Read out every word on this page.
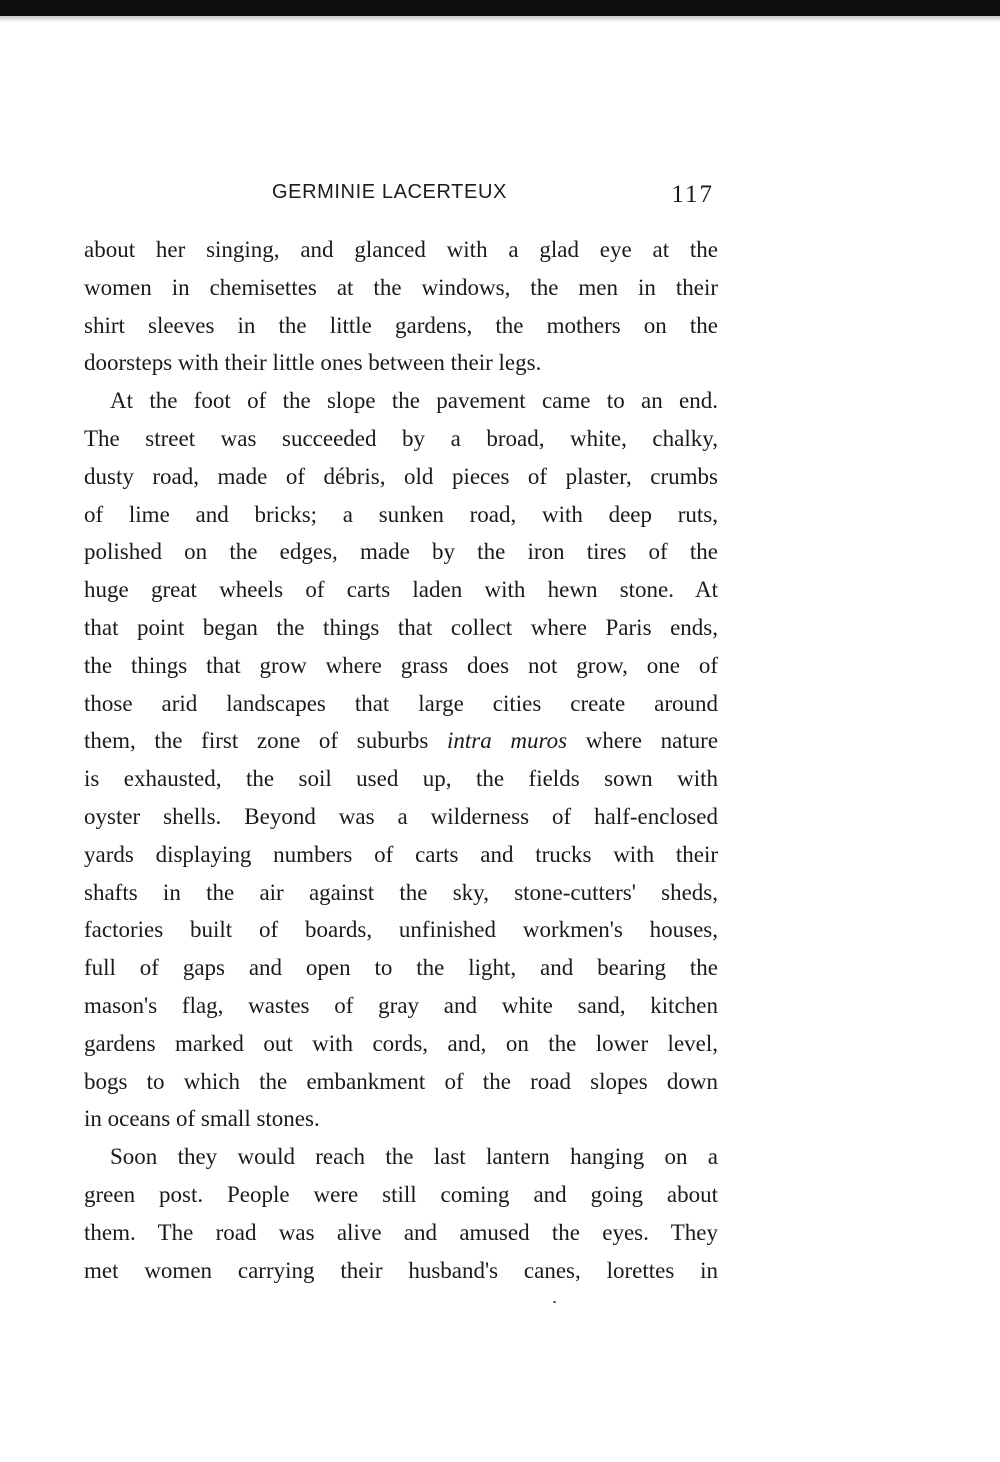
GERMINIE LACERTEUX	117
about her singing, and glanced with a glad eye at the
women in chemisettes at the windows, the men in their
shirt sleeves in the little gardens, the mothers on the
doorsteps with their little ones between their legs.
At the foot of the slope the pavement came to an end.
The street was succeeded by a broad, white, chalky,
dusty road, made of débris, old pieces of plaster, crumbs
of lime and bricks; a sunken road, with deep ruts,
polished on the edges, made by the iron tires of the
huge great wheels of carts laden with hewn stone. At
that point began the things that collect where Paris ends,
the things that grow where grass does not grow, one of
those arid landscapes that large cities create around
them, the first zone of suburbs intra muros where nature
is exhausted, the soil used up, the fields sown with
oyster shells. Beyond was a wilderness of half-enclosed
yards displaying numbers of carts and trucks with their
shafts in the air against the sky, stone-cutters' sheds,
factories built of boards, unfinished workmen's houses,
full of gaps and open to the light, and bearing the
mason's flag, wastes of gray and white sand, kitchen
gardens marked out with cords, and, on the lower level,
bogs to which the embankment of the road slopes down
in oceans of small stones.
Soon they would reach the last lantern hanging on a
green post. People were still coming and going about
them. The road was alive and amused the eyes. They
met women carrying their husband's canes, lorettes in
